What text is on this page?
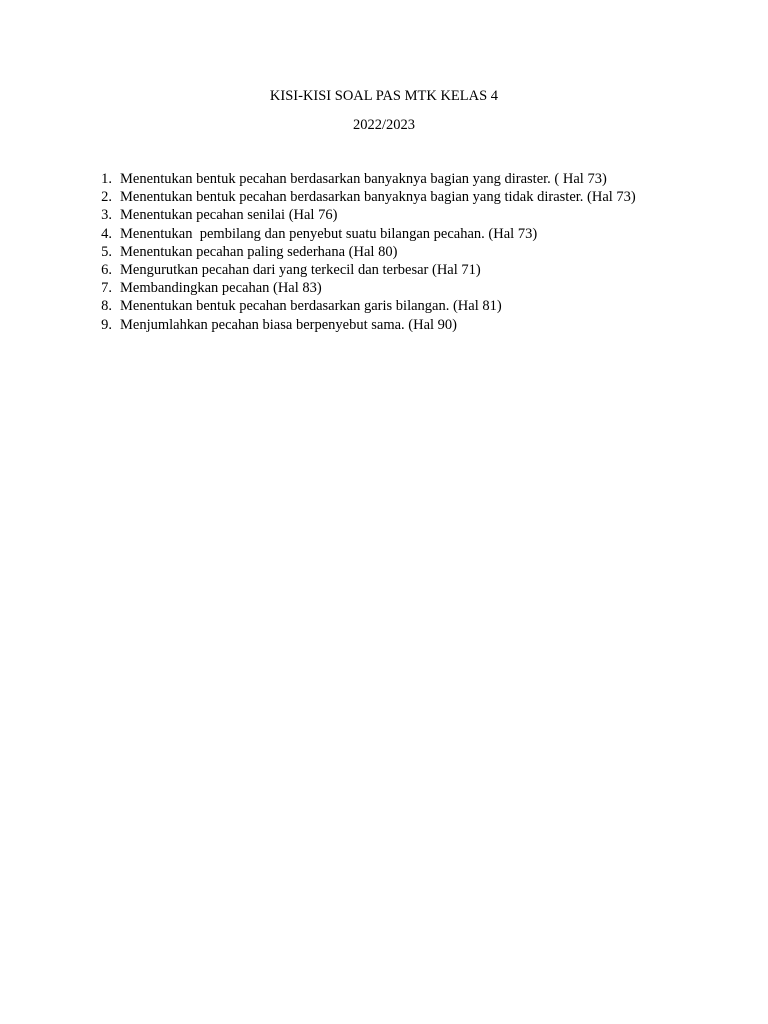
KISI-KISI SOAL PAS MTK KELAS 4
2022/2023
1. Menentukan bentuk pecahan berdasarkan banyaknya bagian yang diraster. ( Hal 73)
2. Menentukan bentuk pecahan berdasarkan banyaknya bagian yang tidak diraster. (Hal 73)
3. Menentukan pecahan senilai (Hal 76)
4. Menentukan  pembilang dan penyebut suatu bilangan pecahan. (Hal 73)
5. Menentukan pecahan paling sederhana (Hal 80)
6. Mengurutkan pecahan dari yang terkecil dan terbesar (Hal 71)
7. Membandingkan pecahan (Hal 83)
8. Menentukan bentuk pecahan berdasarkan garis bilangan. (Hal 81)
9. Menjumlahkan pecahan biasa berpenyebut sama. (Hal 90)
